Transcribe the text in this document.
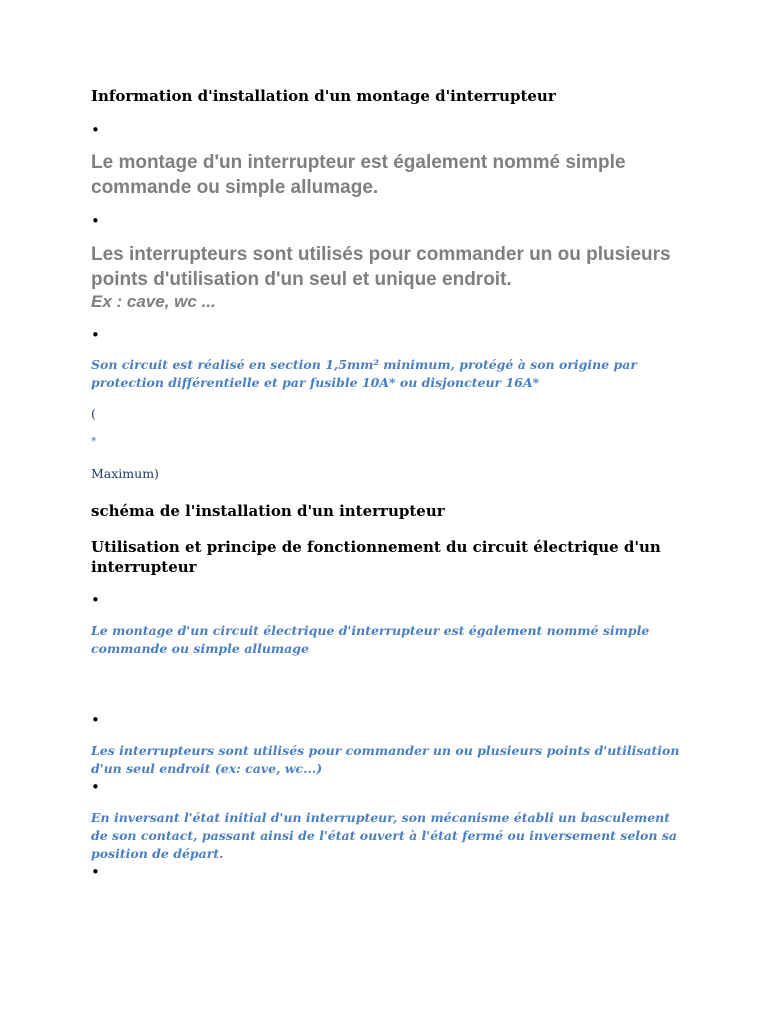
Information d'installation d'un montage d'interrupteur
•
Le montage d'un interrupteur est également nommé simple commande ou simple allumage.
•
Les interrupteurs sont utilisés pour commander un ou plusieurs points d'utilisation d'un seul et unique endroit.
Ex : cave, wc ...
•
Son circuit est réalisé en section 1,5mm² minimum, protégé à son origine par protection différentielle et par fusible 10A* ou disjoncteur 16A*
(
*
Maximum)
schéma de l'installation d'un interrupteur
Utilisation et principe de fonctionnement du circuit électrique d'un interrupteur
•
Le montage d'un circuit électrique d'interrupteur est également nommé simple commande ou simple allumage
•
Les interrupteurs sont utilisés pour commander un ou plusieurs points d'utilisation d'un seul endroit (ex: cave, wc...)
•
En inversant l'état initial d'un interrupteur, son mécanisme établi un basculement de son contact, passant ainsi de l'état ouvert à l'état fermé ou inversement selon sa position de départ.
•
